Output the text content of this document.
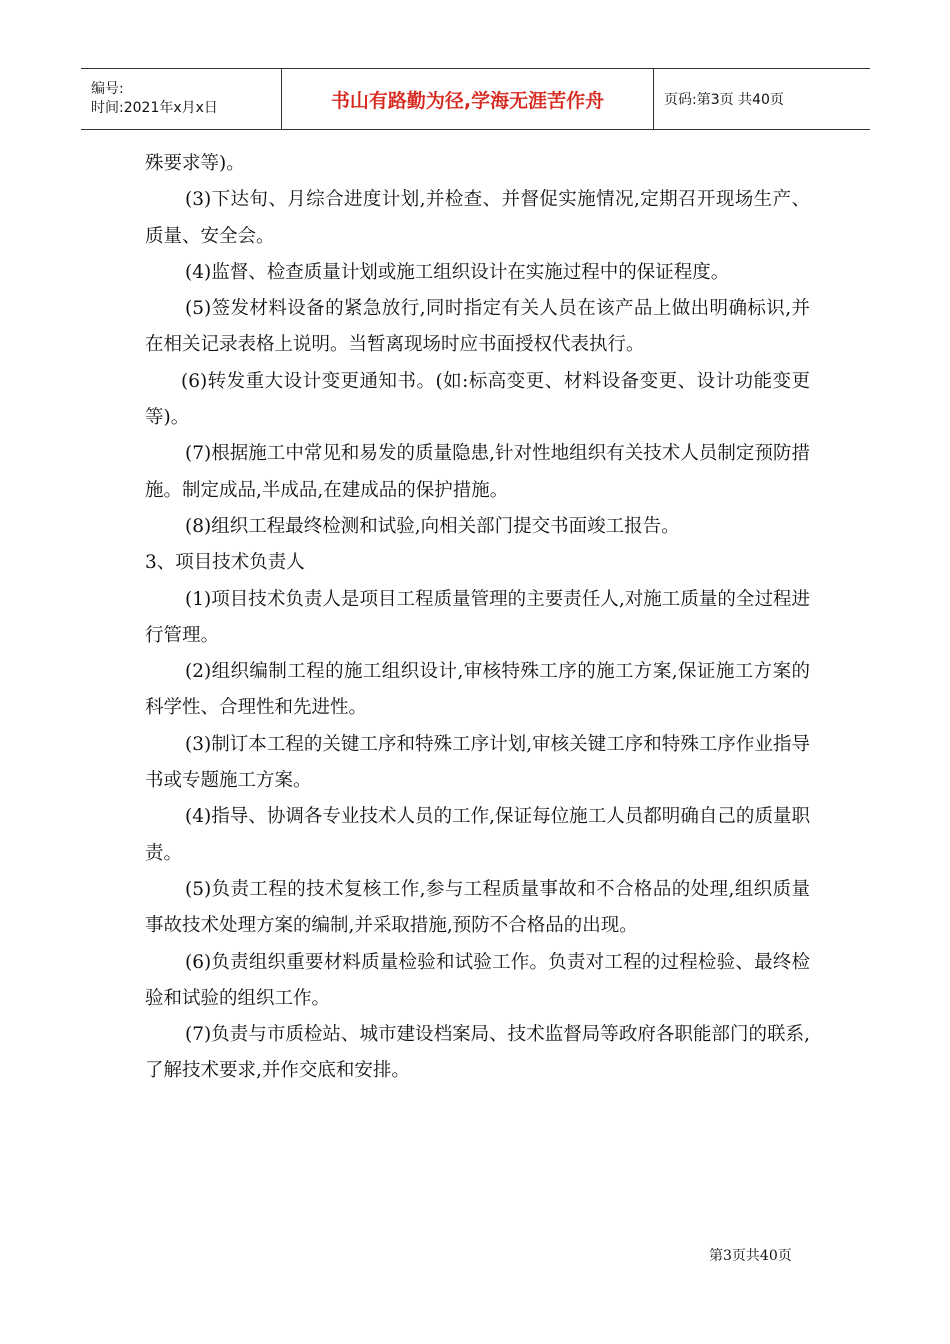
编号:
时间:2021年x月x日	书山有路勤为径,学海无涯苦作舟	页码:第3页 共40页

殊要求等)。

(3)下达旬、月综合进度计划,并检查、并督促实施情况,定期召开现场生产、质量、安全会。

(4)监督、检查质量计划或施工组织设计在实施过程中的保证程度。

(5)签发材料设备的紧急放行,同时指定有关人员在该产品上做出明确标识,并在相关记录表格上说明。当暂离现场时应书面授权代表执行。

(6)转发重大设计变更通知书。(如:标高变更、材料设备变更、设计功能变更等)。

(7)根据施工中常见和易发的质量隐患,针对性地组织有关技术人员制定预防措施。制定成品,半成品,在建成品的保护措施。

(8)组织工程最终检测和试验,向相关部门提交书面竣工报告。

3、项目技术负责人

(1)项目技术负责人是项目工程质量管理的主要责任人,对施工质量的全过程进行管理。

(2)组织编制工程的施工组织设计,审核特殊工序的施工方案,保证施工方案的科学性、合理性和先进性。

(3)制订本工程的关键工序和特殊工序计划,审核关键工序和特殊工序作业指导书或专题施工方案。

(4)指导、协调各专业技术人员的工作,保证每位施工人员都明确自己的质量职责。

(5)负责工程的技术复核工作,参与工程质量事故和不合格品的处理,组织质量事故技术处理方案的编制,并采取措施,预防不合格品的出现。

(6)负责组织重要材料质量检验和试验工作。负责对工程的过程检验、最终检验和试验的组织工作。

(7)负责与市质检站、城市建设档案局、技术监督局等政府各职能部门的联系,了解技术要求,并作交底和安排。

第3页共40页
